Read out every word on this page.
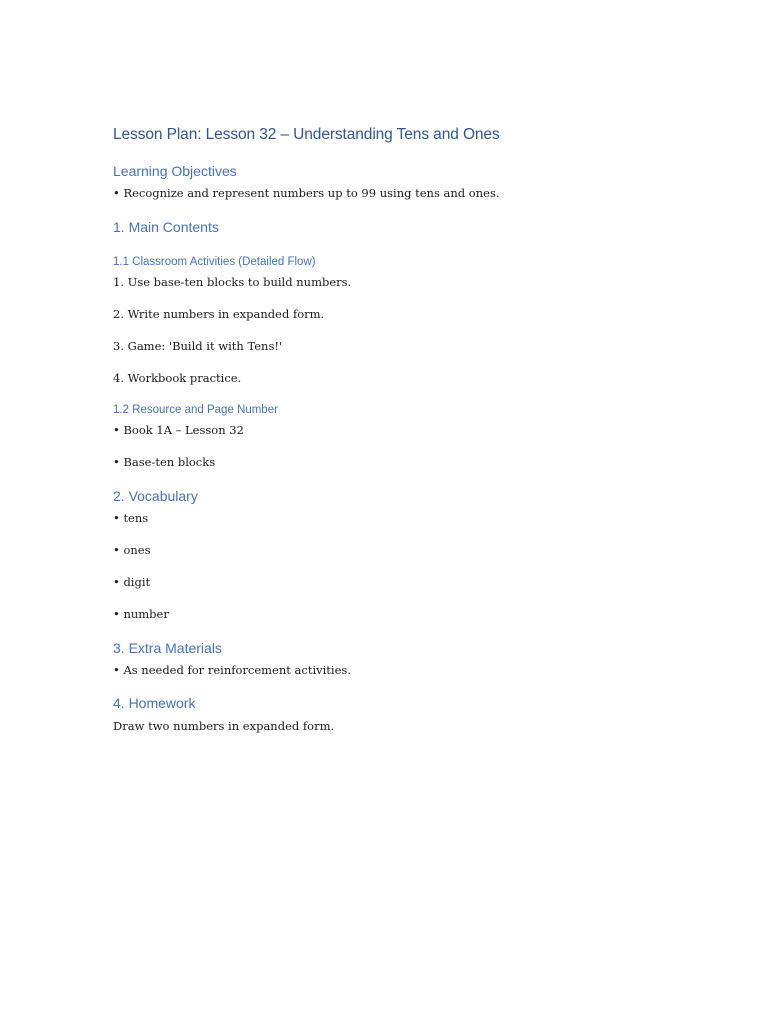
Lesson Plan: Lesson 32 – Understanding Tens and Ones
Learning Objectives
• Recognize and represent numbers up to 99 using tens and ones.
1. Main Contents
1.1 Classroom Activities (Detailed Flow)
1. Use base-ten blocks to build numbers.
2. Write numbers in expanded form.
3. Game: 'Build it with Tens!'
4. Workbook practice.
1.2 Resource and Page Number
• Book 1A – Lesson 32
• Base-ten blocks
2. Vocabulary
• tens
• ones
• digit
• number
3. Extra Materials
• As needed for reinforcement activities.
4. Homework
Draw two numbers in expanded form.
